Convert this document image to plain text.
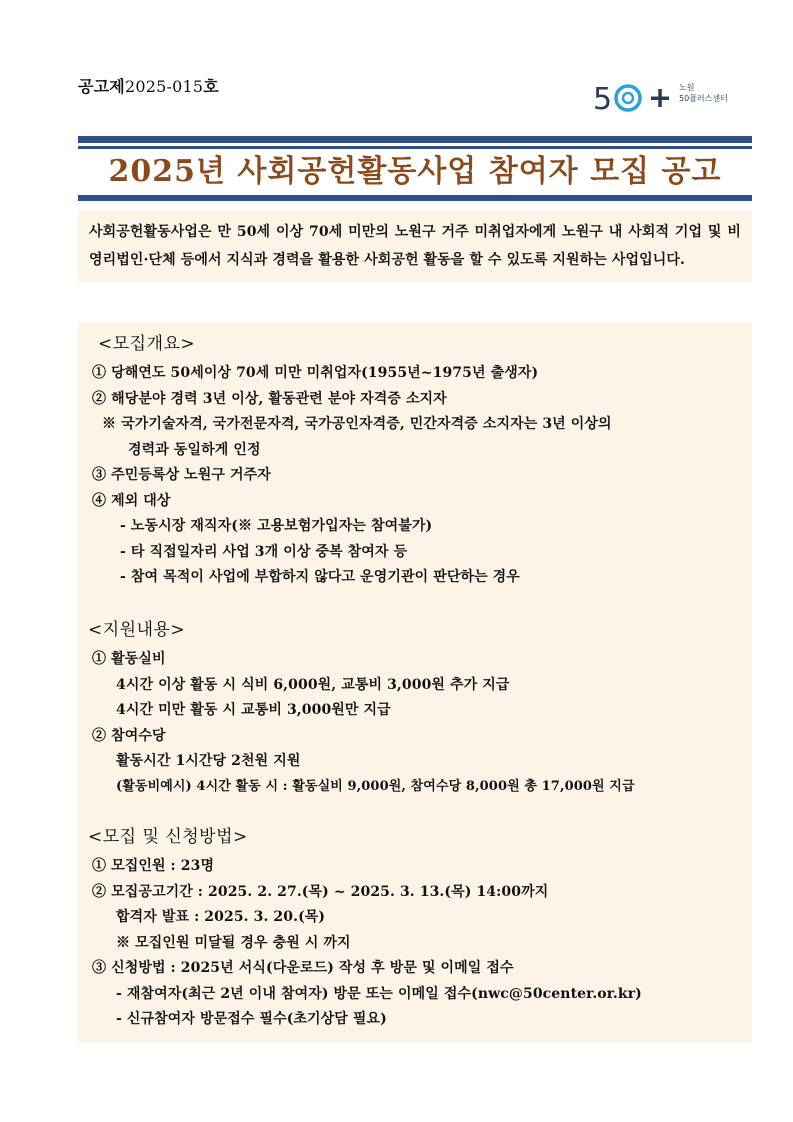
공고제2025-015호	5	노원
50플러스센터
2025년 사회공헌활동사업 참여자 모집 공고
사회공헌활동사업은 만 50세 이상 70세 미만의 노원구 거주 미취업자에게 노원구 내 사회적 기업 및 비영리법인·단체 등에서 지식과 경력을 활용한 사회공헌 활동을 할 수 있도록 지원하는 사업입니다.
<모집개요>
① 당해연도 50세이상 70세 미만 미취업자(1955년~1975년 출생자)
② 해당분야 경력 3년 이상, 활동관련 분야 자격증 소지자
※ 국가기술자격, 국가전문자격, 국가공인자격증, 민간자격증 소지자는 3년 이상의
경력과 동일하게 인정
③ 주민등록상 노원구 거주자
④ 제외 대상
- 노동시장 재직자(※ 고용보험가입자는 참여불가)
- 타 직접일자리 사업 3개 이상 중복 참여자 등
- 참여 목적이 사업에 부합하지 않다고 운영기관이 판단하는 경우
<지원내용>
① 활동실비
4시간 이상 활동 시 식비 6,000원, 교통비 3,000원 추가 지급
4시간 미만 활동 시 교통비 3,000원만 지급
② 참여수당
활동시간 1시간당 2천원 지원
(활동비예시) 4시간 활동 시 : 활동실비 9,000원, 참여수당 8,000원 총 17,000원 지급
<모집 및 신청방법>
① 모집인원 : 23명
② 모집공고기간 : 2025. 2. 27.(목) ~ 2025. 3. 13.(목) 14:00까지
합격자 발표 : 2025. 3. 20.(목)
※ 모집인원 미달될 경우 충원 시 까지
③ 신청방법 : 2025년 서식(다운로드) 작성 후 방문 및 이메일 접수
- 재참여자(최근 2년 이내 참여자) 방문 또는 이메일 접수(nwc@50center.or.kr)
- 신규참여자 방문접수 필수(초기상담 필요)
